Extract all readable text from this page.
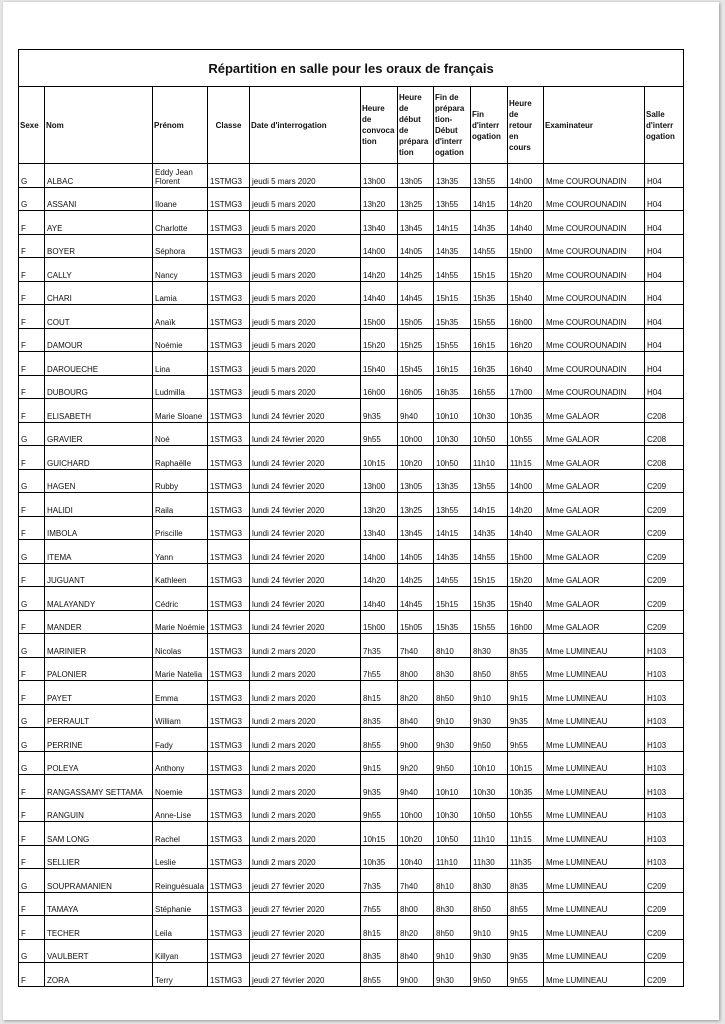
Répartition en salle pour les oraux de français											
Sexe	Nom	Prénom	Classe	Date d'interrogation	Heure de convoca tion	Heure de début de prépara tion	Fin de prépara tion- Début d'interr ogation	Fin d'interr ogation	Heure de retour en cours	Examinateur	Salle d'interr ogation
G	ALBAC	Eddy Jean Florent	1STMG3	jeudi 5 mars 2020	13h00	13h05	13h35	13h55	14h00	Mme COUROUNADIN	H04
G	ASSANI	Iloane	1STMG3	jeudi 5 mars 2020	13h20	13h25	13h55	14h15	14h20	Mme COUROUNADIN	H04
F	AYE	Charlotte	1STMG3	jeudi 5 mars 2020	13h40	13h45	14h15	14h35	14h40	Mme COUROUNADIN	H04
F	BOYER	Séphora	1STMG3	jeudi 5 mars 2020	14h00	14h05	14h35	14h55	15h00	Mme COUROUNADIN	H04
F	CALLY	Nancy	1STMG3	jeudi 5 mars 2020	14h20	14h25	14h55	15h15	15h20	Mme COUROUNADIN	H04
F	CHARI	Lamia	1STMG3	jeudi 5 mars 2020	14h40	14h45	15h15	15h35	15h40	Mme COUROUNADIN	H04
F	COUT	Anaïk	1STMG3	jeudi 5 mars 2020	15h00	15h05	15h35	15h55	16h00	Mme COUROUNADIN	H04
F	DAMOUR	Noémie	1STMG3	jeudi 5 mars 2020	15h20	15h25	15h55	16h15	16h20	Mme COUROUNADIN	H04
F	DAROUECHE	Lina	1STMG3	jeudi 5 mars 2020	15h40	15h45	16h15	16h35	16h40	Mme COUROUNADIN	H04
F	DUBOURG	Ludmilla	1STMG3	jeudi 5 mars 2020	16h00	16h05	16h35	16h55	17h00	Mme COUROUNADIN	H04
F	ELISABETH	Marie Sloane	1STMG3	lundi 24 février 2020	9h35	9h40	10h10	10h30	10h35	Mme GALAOR	C208
G	GRAVIER	Noé	1STMG3	lundi 24 février 2020	9h55	10h00	10h30	10h50	10h55	Mme GALAOR	C208
F	GUICHARD	Raphaëlle	1STMG3	lundi 24 février 2020	10h15	10h20	10h50	11h10	11h15	Mme GALAOR	C208
G	HAGEN	Rubby	1STMG3	lundi 24 février 2020	13h00	13h05	13h35	13h55	14h00	Mme GALAOR	C209
F	HALIDI	Raila	1STMG3	lundi 24 février 2020	13h20	13h25	13h55	14h15	14h20	Mme GALAOR	C209
F	IMBOLA	Priscille	1STMG3	lundi 24 février 2020	13h40	13h45	14h15	14h35	14h40	Mme GALAOR	C209
G	ITEMA	Yann	1STMG3	lundi 24 février 2020	14h00	14h05	14h35	14h55	15h00	Mme GALAOR	C209
F	JUGUANT	Kathleen	1STMG3	lundi 24 février 2020	14h20	14h25	14h55	15h15	15h20	Mme GALAOR	C209
G	MALAYANDY	Cédric	1STMG3	lundi 24 février 2020	14h40	14h45	15h15	15h35	15h40	Mme GALAOR	C209
F	MANDER	Marie Noémie	1STMG3	lundi 24 février 2020	15h00	15h05	15h35	15h55	16h00	Mme GALAOR	C209
G	MARINIER	Nicolas	1STMG3	lundi 2 mars 2020	7h35	7h40	8h10	8h30	8h35	Mme LUMINEAU	H103
F	PALONIER	Marie Natelia	1STMG3	lundi 2 mars 2020	7h55	8h00	8h30	8h50	8h55	Mme LUMINEAU	H103
F	PAYET	Emma	1STMG3	lundi 2 mars 2020	8h15	8h20	8h50	9h10	9h15	Mme LUMINEAU	H103
G	PERRAULT	William	1STMG3	lundi 2 mars 2020	8h35	8h40	9h10	9h30	9h35	Mme LUMINEAU	H103
G	PERRINE	Fady	1STMG3	lundi 2 mars 2020	8h55	9h00	9h30	9h50	9h55	Mme LUMINEAU	H103
G	POLEYA	Anthony	1STMG3	lundi 2 mars 2020	9h15	9h20	9h50	10h10	10h15	Mme LUMINEAU	H103
F	RANGASSAMY SETTAMA	Noemie	1STMG3	lundi 2 mars 2020	9h35	9h40	10h10	10h30	10h35	Mme LUMINEAU	H103
F	RANGUIN	Anne-Lise	1STMG3	lundi 2 mars 2020	9h55	10h00	10h30	10h50	10h55	Mme LUMINEAU	H103
F	SAM LONG	Rachel	1STMG3	lundi 2 mars 2020	10h15	10h20	10h50	11h10	11h15	Mme LUMINEAU	H103
F	SELLIER	Leslie	1STMG3	lundi 2 mars 2020	10h35	10h40	11h10	11h30	11h35	Mme LUMINEAU	H103
G	SOUPRAMANIEN	Reinguésuala	1STMG3	jeudi 27 février 2020	7h35	7h40	8h10	8h30	8h35	Mme LUMINEAU	C209
F	TAMAYA	Stéphanie	1STMG3	jeudi 27 février 2020	7h55	8h00	8h30	8h50	8h55	Mme LUMINEAU	C209
F	TECHER	Leila	1STMG3	jeudi 27 février 2020	8h15	8h20	8h50	9h10	9h15	Mme LUMINEAU	C209
G	VAULBERT	Killyan	1STMG3	jeudi 27 février 2020	8h35	8h40	9h10	9h30	9h35	Mme LUMINEAU	C209
F	ZORA	Terry	1STMG3	jeudi 27 février 2020	8h55	9h00	9h30	9h50	9h55	Mme LUMINEAU	C209
